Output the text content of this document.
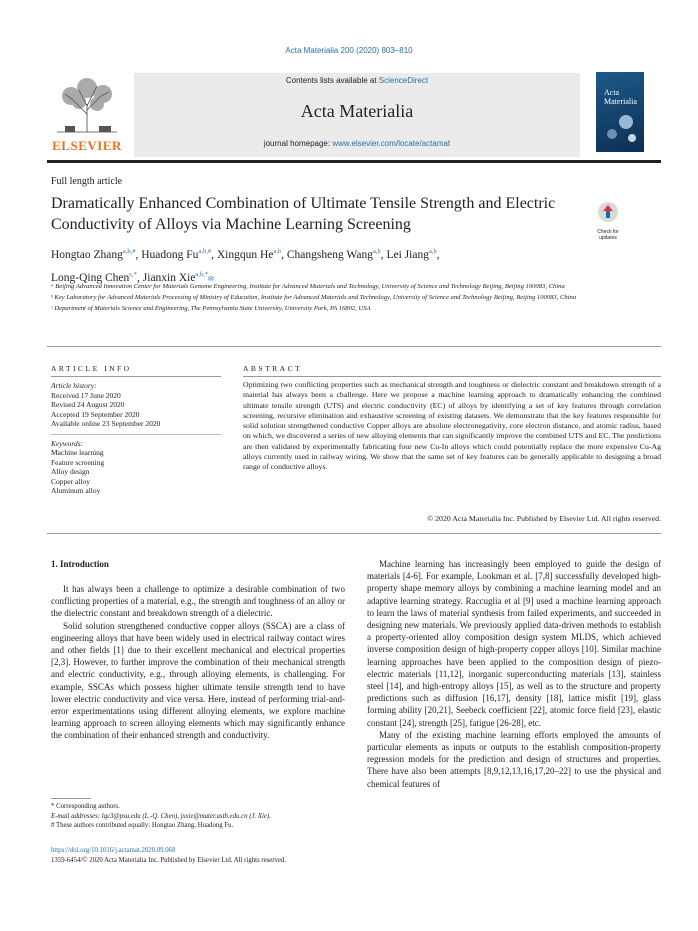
Acta Materialia 200 (2020) 803–810
ELSEVIER
Contents lists available at ScienceDirect
Acta Materialia
journal homepage: www.elsevier.com/locate/actamat
Acta Materialia
Full length article
Dramatically Enhanced Combination of Ultimate Tensile Strength and Electric Conductivity of Alloys via Machine Learning Screening	Check for updates
Hongtao Zhang$^{a,b,\#}$, Huadong $Fu^{a,b,\#}$, Xingqun He$^{a,b}$, Changsheng Wang$^{a,b}$, Lei Jiang$^{a,b}$,
Long-Qing Chen$^{c,*}$, Jianxin Xie$^{a,b,*}$✉
ᵃ Beijing Advanced Innovation Center for Materials Genome Engineering, Institute for Advanced Materials and Technology, University of Science and Technology Beijing, Beijing 100083, China
ᵇ Key Laboratory for Advanced Materials Processing of Ministry of Education, Institute for Advanced Materials and Technology, University of Science and Technology Beijing, Beijing 100083, China
ᶜ Department of Materials Science and Engineering, The Pennsylvania State University, University Park, PA 16802, USA
ARTICLE INFO
Article history:
Received 17 June 2020
Revised 24 August 2020
Accepted 19 September 2020
Available online 23 September 2020
Keywords:
Machine learning
Feature screening
Alloy design
Copper alloy
Aluminum alloy
ABSTRACT
Optimizing two conflicting properties such as mechanical strength and toughness or dielectric constant and breakdown strength of a material has always been a challenge. Here we propose a machine learning approach to dramatically enhancing the combined ultimate tensile strength (UTS) and electric conductivity (EC) of alloys by identifying a set of key features through correlation screening, recursive elimination and exhaustive screening of existing datasets. We demonstrate that the key features responsible for solid solution strengthened conductive Copper alloys are absolute electronegativity, core electron distance, and atomic radius, based on which, we discovered a series of new alloying elements that can significantly improve the combined UTS and EC. The predictions are then validated by experimentally fabricating four new Cu-In alloys which could potentially replace the more expensive Cu-Ag alloys currently used in railway wiring. We show that the same set of key features can be generally applicable to designing a broad range of conductive alloys.
© 2020 Acta Materialia Inc. Published by Elsevier Ltd. All rights reserved.
1. Introduction

It has always been a challenge to optimize a desirable combination of two conflicting properties of a material, e.g., the strength and toughness of an alloy or the dielectric constant and breakdown strength of a dielectric.

Solid solution strengthened conductive copper alloys (SSCA) are a class of engineering alloys that have been widely used in electrical railway contact wires and other fields [1] due to their excellent mechanical and electrical properties [2,3]. However, to further improve the combination of their mechanical strength and electric conductivity, e.g., through alloying elements, is challenging. For example, SSCAs which possess higher ultimate tensile strength tend to have lower electric conductivity and vice versa. Here, instead of performing trial-and-error experimentations using different alloying elements, we explore machine learning approach to screen alloying elements which may significantly enhance the combination of their enhanced strength and conductivity.

Machine learning has increasingly been employed to guide the design of materials [4-6]. For example, Lookman et al. [7,8] successfully developed high-property shape memory alloys by combining a machine learning model and an adaptive learning strategy. Raccuglia et al [9] used a machine learning approach to learn the laws of material synthesis from failed experiments, and succeeded in designing new materials. We previously applied data-driven methods to establish a property-oriented alloy composition design system MLDS, which achieved inverse composition design of high-property copper alloys [10]. Similar machine learning approaches have been applied to the composition design of piezo-electric materials [11,12], inorganic superconducting materials [13], stainless steel [14], and high-entropy alloys [15], as well as to the structure and property predictions such as diffusion [16,17], density [18], lattice misfit [19], glass forming ability [20,21], Seebeck coefficient [22], atomic force field [23], elastic constant [24], strength [25], fatigue [26-28], etc.

Many of the existing machine learning efforts employed the amounts of particular elements as inputs or outputs to the establish composition-property regression models for the prediction and design of structures and properties. There have also been attempts [8,9,12,13,16,17,20–22] to use the physical and chemical features of

* Corresponding authors.
E-mail addresses: lqc3@psu.edu (L.-Q. Chen), jxxie@mater.ustb.edu.cn (J. Xie).
# These authors contributed equally: Hongtao Zhang, Huadong Fu.
https://doi.org/10.1016/j.actamat.2020.09.068
1359-6454/© 2020 Acta Materialia Inc. Published by Elsevier Ltd. All rights reserved.
